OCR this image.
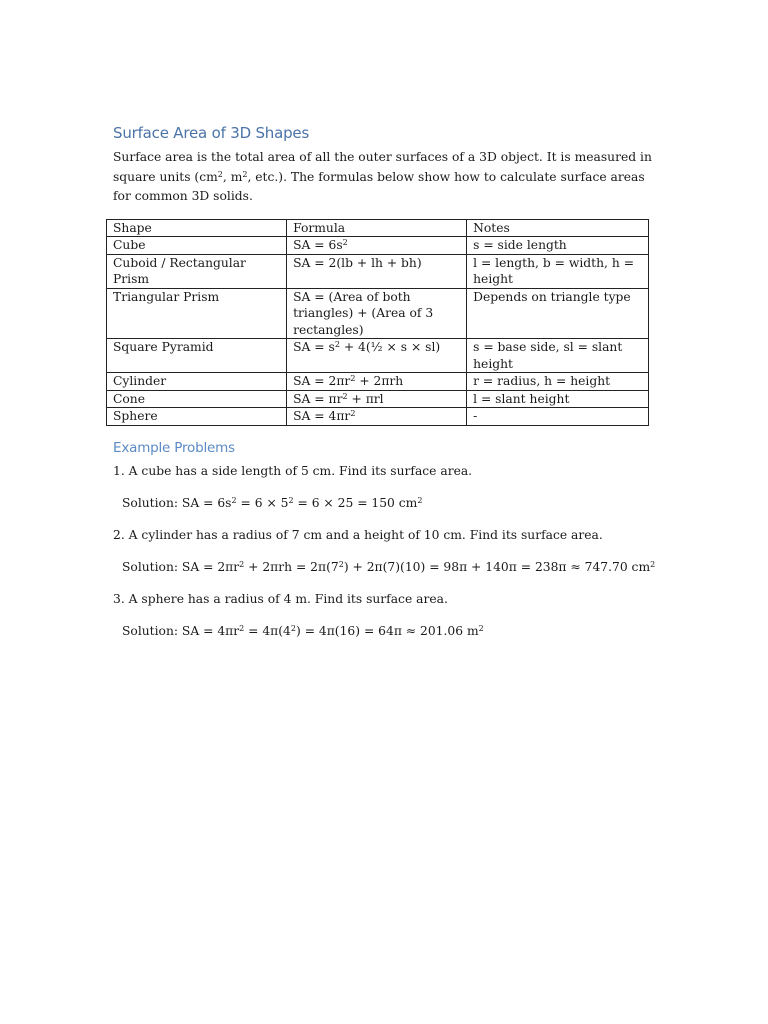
Surface Area of 3D Shapes

Surface area is the total area of all the outer surfaces of a 3D object. It is measured in square units ($cm^2$, $m^2$, etc.). The formulas below show how to calculate surface areas for common 3D solids.

Shape	Formula	Notes
Cube	SA = $6s^2$	s = side length
Cuboid / Rectangular Prism	SA = 2(lb + lh + bh)	l = length, b = width, h = height
Triangular Prism	SA = (Area of both triangles) + (Area of 3 rectangles)	Depends on triangle type
Square Pyramid	SA = $s^2$ + 4(½ × s × sl)	s = base side, sl = slant height
Cylinder	SA = $2\pi r^2 + 2\pi rh$	r = radius, h = height
Cone	SA = $\pi r^2 + \pi rl$	l = slant height
Sphere	SA = $4\pi r^2$	-
Example Problems
1. A cube has a side length of 5 cm. Find its surface area.
Solution: SA = $6s^2 = 6 \times 5^2 = 6 \times 25 = 150$ $cm^2$
2. A cylinder has a radius of 7 cm and a height of 10 cm. Find its surface area.
Solution: SA = $2\pi r^2 + 2\pi rh = 2\pi(7^2) + 2\pi(7)(10) = 98\pi + 140\pi = 238\pi \approx 747.70$ $cm^2$
3. A sphere has a radius of 4 m. Find its surface area.
Solution: SA = $4\pi r^2 = 4\pi(4^2) = 4\pi(16) = 64\pi \approx 201.06$ $m^2$
